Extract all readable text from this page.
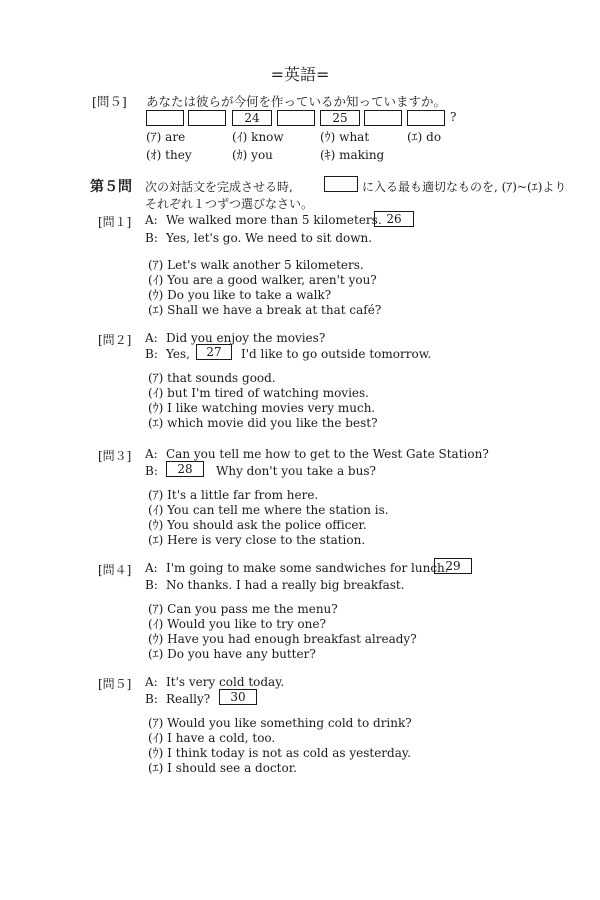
=英語=
[問５] あなたは彼らが今何を作っているか知っていますか。
24	25	?
(ｱ) are	(ｲ) know	(ｳ) what	(ｴ) do
(ｵ) they	(ｶ) you	(ｷ) making
第５問 次の対話文を完成させる時,	に入る最も適切なものを, (ｱ)~(ｴ)より
それぞれ１つずつ選びなさい。
[問１] A: We walked more than 5 kilometers. 26
B: Yes, let's go. We need to sit down.
(ｱ) Let's walk another 5 kilometers.
(ｲ) You are a good walker, aren't you?
(ｳ) Do you like to take a walk?
(ｴ) Shall we have a break at that café?
[問２] A: Did you enjoy the movies?
B: Yes,	27	I'd like to go outside tomorrow.
(ｱ) that sounds good.
(ｲ) but I'm tired of watching movies.
(ｳ) I like watching movies very much.
(ｴ) which movie did you like the best?
[問３] A: Can you tell me how to get to the West Gate Station?
B:	28	Why don't you take a bus?
(ｱ) It's a little far from here.
(ｲ) You can tell me where the station is.
(ｳ) You should ask the police officer.
(ｴ) Here is very close to the station.
[問４] A: I'm going to make some sandwiches for lunch.
29
B: No thanks. I had a really big breakfast.
(ｱ) Can you pass me the menu?
(ｲ) Would you like to try one?
(ｳ) Have you had enough breakfast already?
(ｴ) Do you have any butter?
[問５] A: It's very cold today.
B: Really?	30
(ｱ) Would you like something cold to drink?
(ｲ) I have a cold, too.
(ｳ) I think today is not as cold as yesterday.
(ｴ) I should see a doctor.
